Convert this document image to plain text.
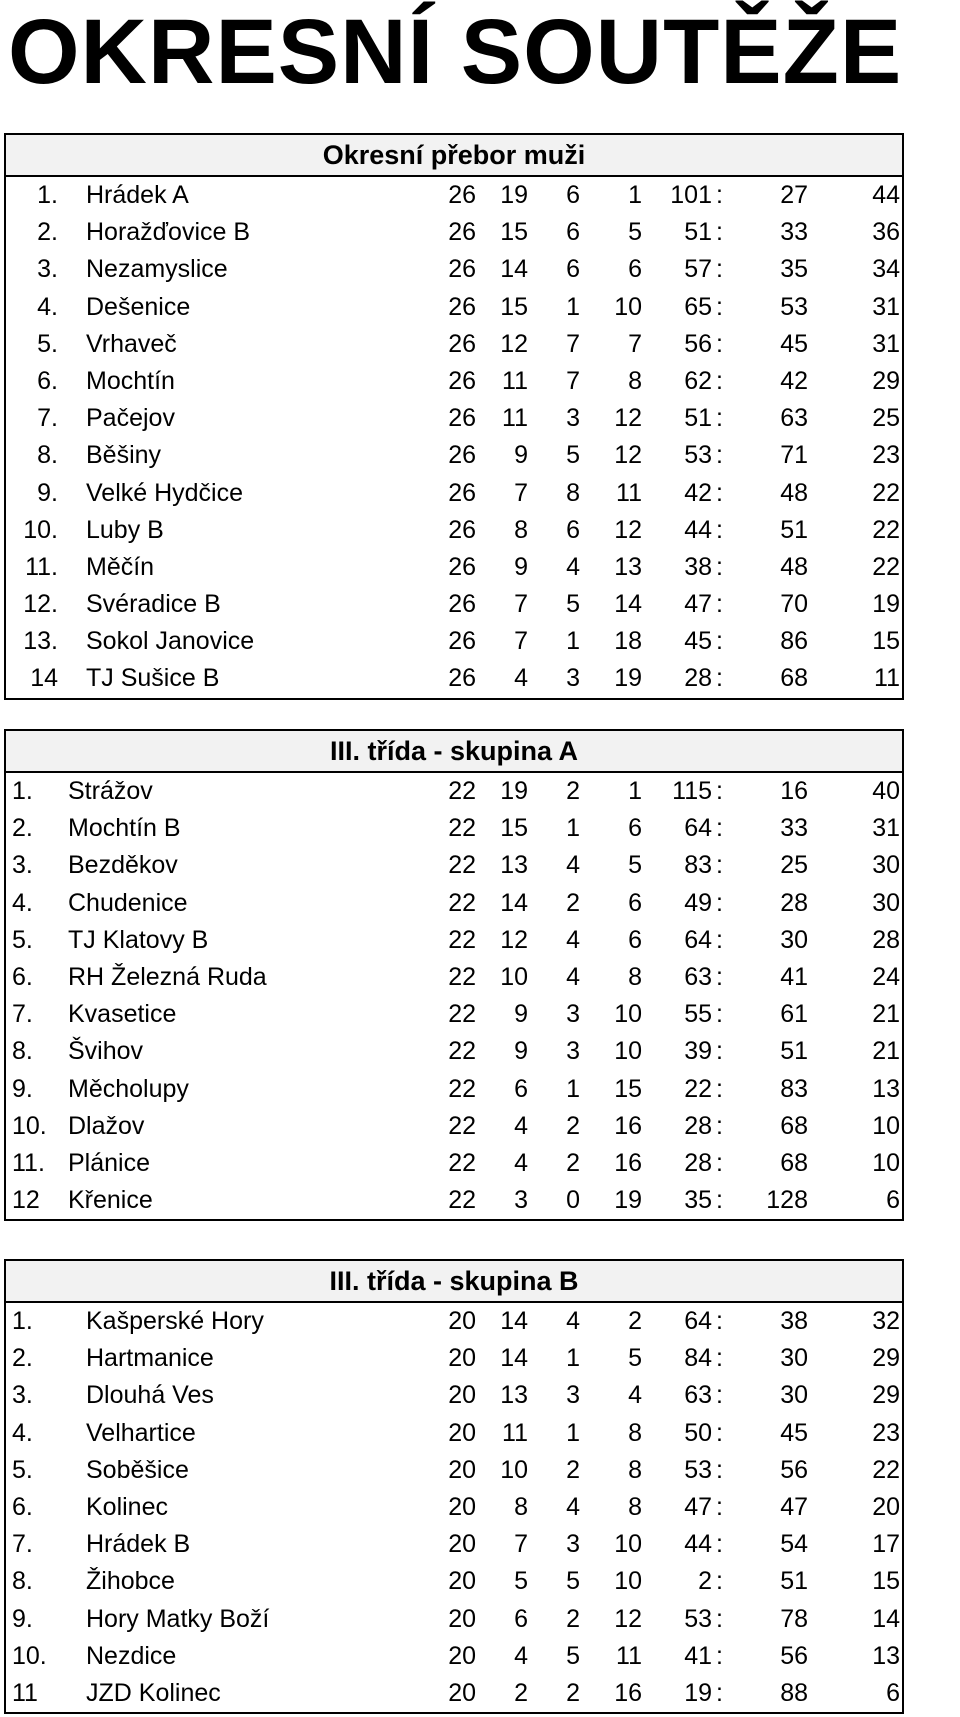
OKRESNÍ SOUTĚŽE
Okresní přebor muži
1. Hrádek A	26 19	6	1	101 :	27	44
2. Horažďovice B	26 15	6	5	51 :	33	36
3. Nezamyslice	26 14	6	6	57 :	35	34
4. Dešenice	26 15	1	10	65 :	53	31
5. Vrhaveč	26 12	7	7	56 :	45	31
6. Mochtín	26	11	7	8	62 :	42	29
7. Pačejov	26	11	3	12	51 :	63	25
8. Běšiny	26	9	5	12	53 :	71	23
9. Velké Hydčice	26	7	8	11	42 :	48	22
10. Luby B	26	8	6	12	44 :	51	22
11. Měčín	26	9	4	13	38 :	48	22
12. Svéradice B	26	7	5	14	47 :	70	19
13. Sokol Janovice	26	7	1	18	45 :	86	15
14 TJ Sušice B	26	4	3	19	28 :	68	11
III. třída - skupina A
1.	Strážov	22 19	2	1	115 :	16	40
2.	Mochtín B	22 15	1	6	64 :	33	31
3.	Bezděkov	22 13	4	5	83 :	25	30
4.	Chudenice	22 14	2	6	49 :	28	30
5.	TJ Klatovy B	22 12	4	6	64 :	30	28
6.	RH Železná Ruda	22 10	4	8	63 :	41	24
7.	Kvasetice	22	9	3	10	55 :	61	21
8.	Švihov	22	9	3	10	39 :	51	21
9.	Měcholupy	22	6	1	15	22 :	83	13
10. Dlažov	22	4	2	16	28 :	68	10
11. Plánice	22	4	2	16	28 :	68	10
12	Křenice	22	3	0	19	35 :	128	6
III. třída - skupina B
1.	Kašperské Hory	20 14	4	2	64 :	38	32
2.	Hartmanice	20 14	1	5	84 :	30	29
3.	Dlouhá Ves	20 13	3	4	63 :	30	29
4.	Velhartice	20	11	1	8	50 :	45	23
5.	Soběšice	20 10	2	8	53 :	56	22
6.	Kolinec	20	8	4	8	47 :	47	20
7.	Hrádek B	20	7	3	10	44 :	54	17
8.	Žihobce	20	5	5	10	2 :	51	15
9.	Hory Matky Boží	20	6	2	12	53 :	78	14
10.	Nezdice	20	4	5	11	41 :	56	13
11	JZD Kolinec	20	2	2	16	19 :	88	6
